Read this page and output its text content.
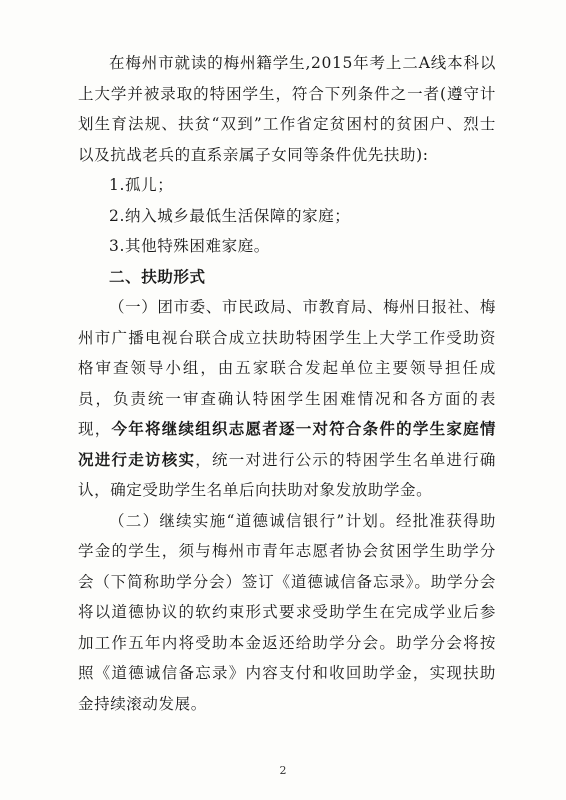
在梅州市就读的梅州籍学生,2015年考上二A线本科以上大学并被录取的特困学生，符合下列条件之一者(遵守计划生育法规、扶贫“双到”工作省定贫困村的贫困户、烈士以及抗战老兵的直系亲属子女同等条件优先扶助):

1.孤儿；

2.纳入城乡最低生活保障的家庭；

3.其他特殊困难家庭。

二、扶助形式

（一）团市委、市民政局、市教育局、梅州日报社、梅州市广播电视台联合成立扶助特困学生上大学工作受助资格审查领导小组，由五家联合发起单位主要领导担任成员，负责统一审查确认特困学生困难情况和各方面的表现，今年将继续组织志愿者逐一对符合条件的学生家庭情况进行走访核实，统一对进行公示的特困学生名单进行确认，确定受助学生名单后向扶助对象发放助学金。

（二）继续实施“道德诚信银行”计划。经批准获得助学金的学生，须与梅州市青年志愿者协会贫困学生助学分会（下简称助学分会）签订《道德诚信备忘录》。助学分会将以道德协议的软约束形式要求受助学生在完成学业后参加工作五年内将受助本金返还给助学分会。助学分会将按照《道德诚信备忘录》内容支付和收回助学金，实现扶助金持续滚动发展。

2
